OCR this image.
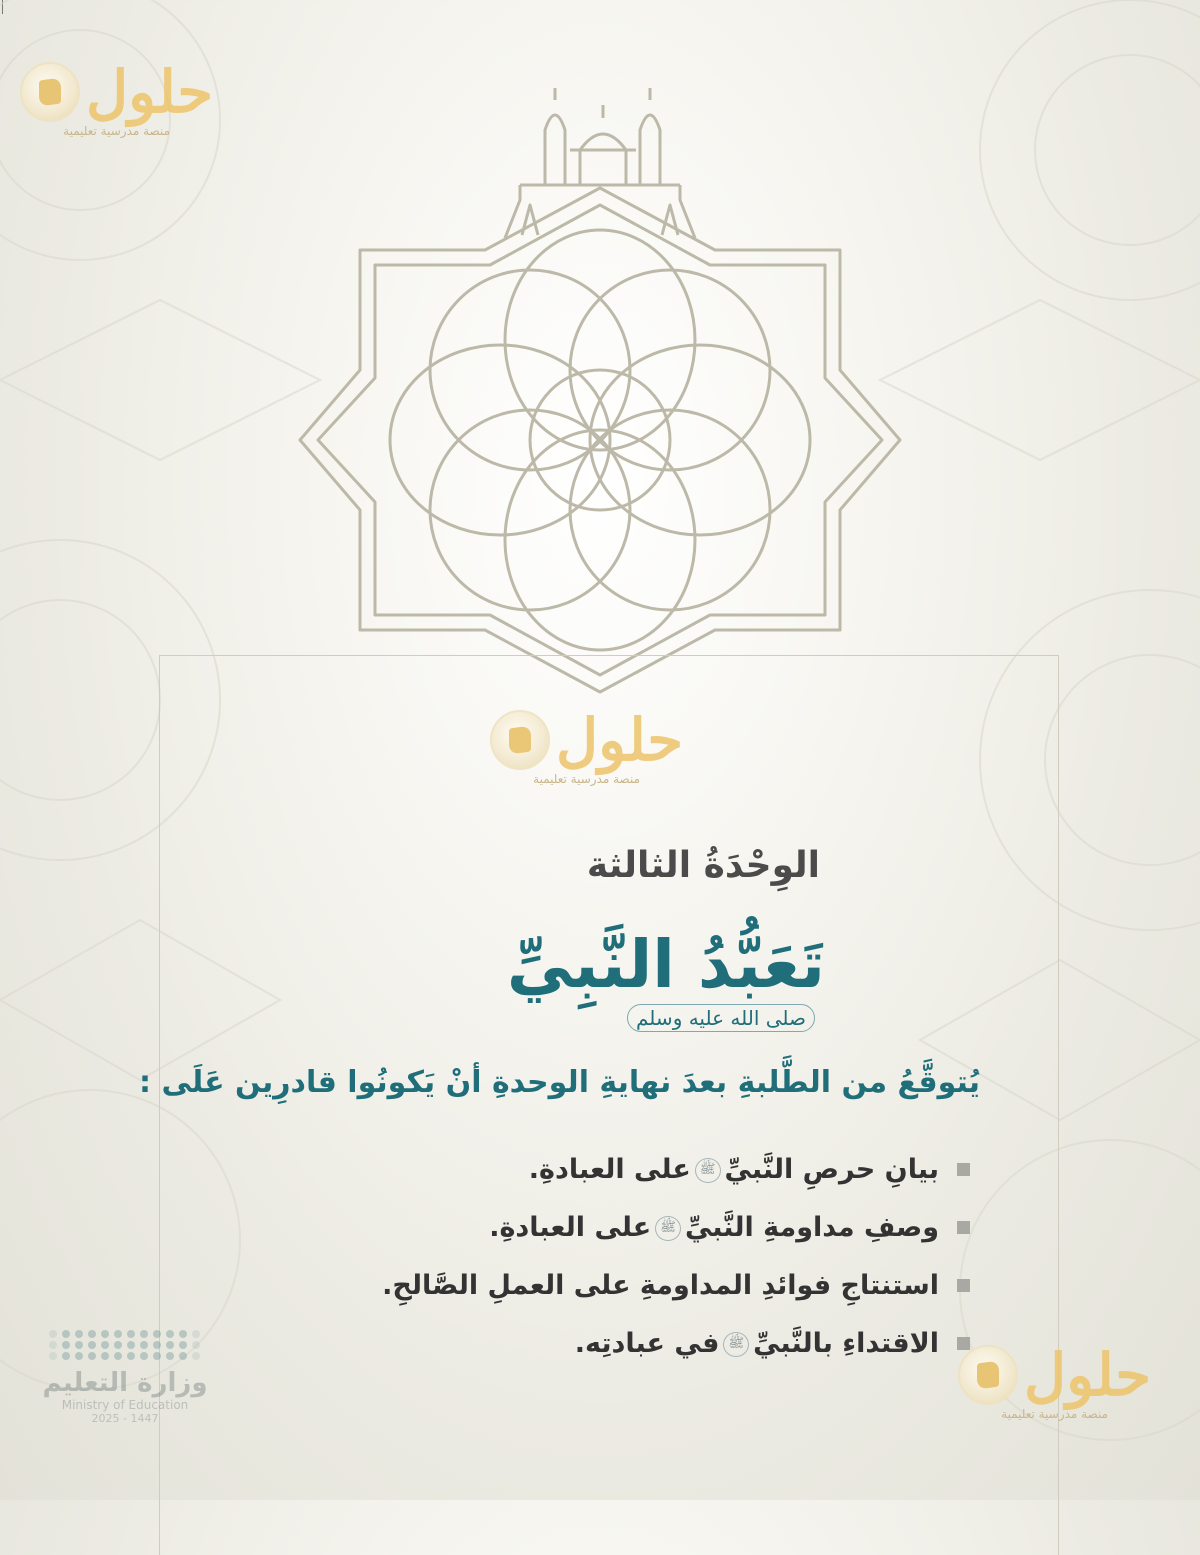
حلول
منصة مدرسية تعليمية
حلول
منصة مدرسية تعليمية
حلول
منصة مدرسية تعليمية
الوِحْدَةُ الثالثة
تَعَبُّدُ النَّبِيِّصلى الله عليه وسلم
يُتوقَّعُ من الطَّلبةِ بعدَ نهايةِ الوحدةِ أنْ يَكونُوا قادرِين عَلَى :
بيانِ حرصِ النَّبيِّﷺعلى العبادةِ.
وصفِ مداومةِ النَّبيِّﷺعلى العبادةِ.
استنتاجِ فوائدِ المداومةِ على العملِ الصَّالحِ.
الاقتداءِ بالنَّبيِّﷺفي عبادتِه.
وزارة التعليم
Ministry of Education
2025 - 1447
